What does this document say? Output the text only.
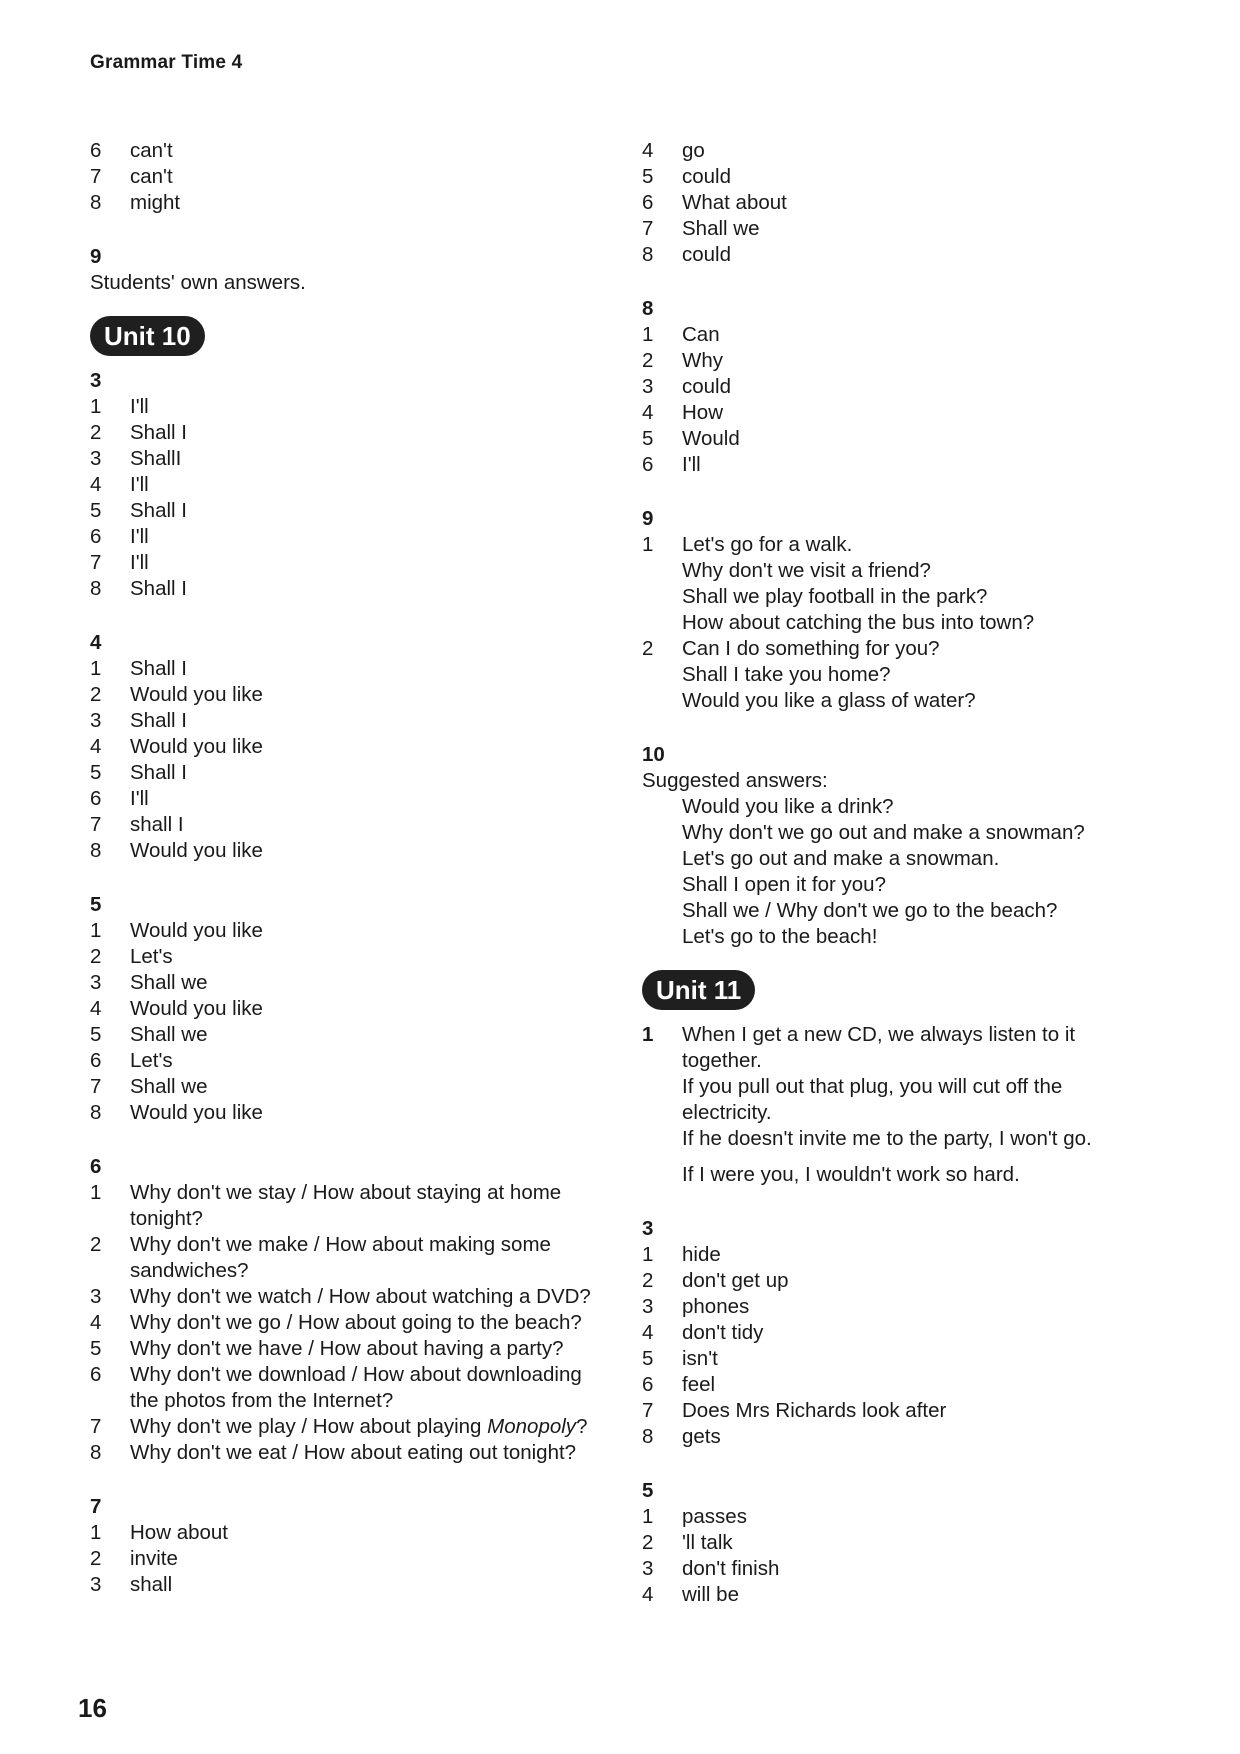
Grammar Time 4
6	can't
7	can't
8	might
9
Students' own answers.
Unit 10
3
1	I'll
2	Shall I
3	ShallI
4	I'll
5	Shall I
6	I'll
7	I'll
8	Shall I
4
1	Shall I
2	Would you like
3	Shall I
4	Would you like
5	Shall I
6	I'll
7	shall I
8	Would you like
5
1	Would you like
2	Let's
3	Shall we
4	Would you like
5	Shall we
6	Let's
7	Shall we
8	Would you like
6
1	Why don't we stay / How about staying at home
tonight?
2	Why don't we make / How about making some
sandwiches?
3	Why don't we watch / How about watching a DVD?
4	Why don't we go / How about going to the beach?
5	Why don't we have / How about having a party?
6	Why don't we download / How about downloading
the photos from the Internet?
7	Why don't we play / How about playing Monopoly?
8	Why don't we eat / How about eating out tonight?
7
1	How about
2	invite
3	shall
4	go
5	could
6	What about
7	Shall we
8	could
8
1	Can
2	Why
3	could
4	How
5	Would
6	I'll
9
1	Let's go for a walk.
Why don't we visit a friend?
Shall we play football in the park?
How about catching the bus into town?
2	Can I do something for you?
Shall I take you home?
Would you like a glass of water?
10
Suggested answers:
Would you like a drink?
Why don't we go out and make a snowman?
Let's go out and make a snowman.
Shall I open it for you?
Shall we / Why don't we go to the beach?
Let's go to the beach!
Unit 11
1	When I get a new CD, we always listen to it
together.
If you pull out that plug, you will cut off the
electricity.
If he doesn't invite me to the party, I won't go.
If I were you, I wouldn't work so hard.
3
1	hide
2	don't get up
3	phones
4	don't tidy
5	isn't
6	feel
7	Does Mrs Richards look after
8	gets
5
1	passes
2	'll talk
3	don't finish
4	will be
16
